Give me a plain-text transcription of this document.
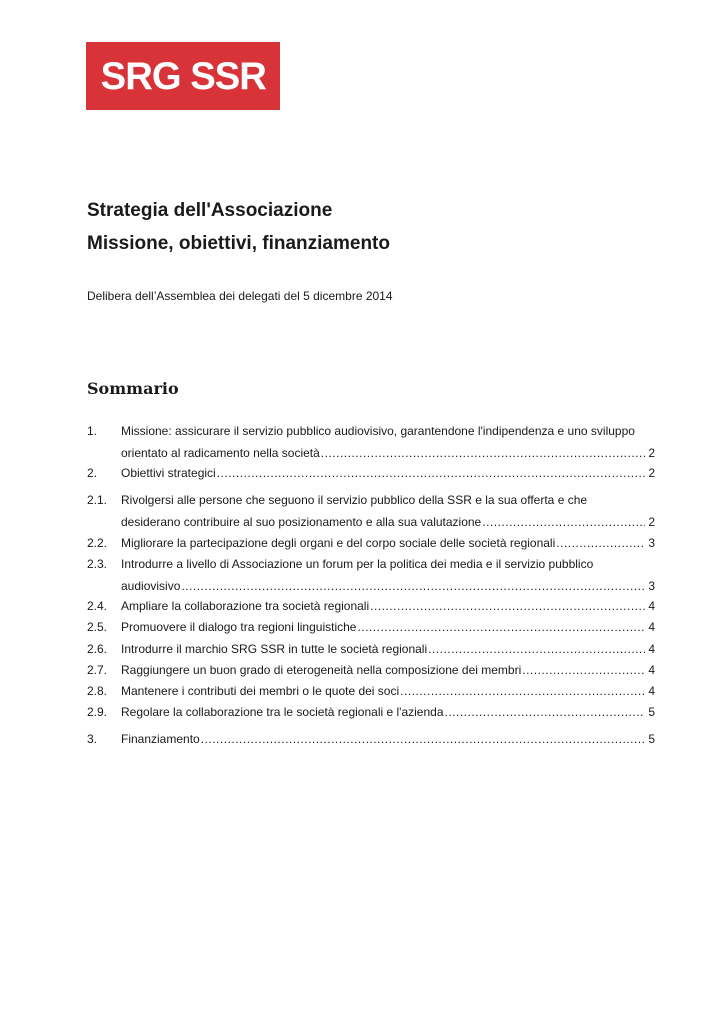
SRG SSR
Strategia dell'Associazione
Missione, obiettivi, finanziamento

Delibera dell’Assemblea dei delegati del 5 dicembre 2014

Sommario
1. Missione: assicurare il servizio pubblico audiovisivo, garantendone l'indipendenza e uno sviluppo
orientato al radicamento nella società .....	2
2. Obiettivi strategici .....	2
2.1. Rivolgersi alle persone che seguono il servizio pubblico della SSR e la sua offerta e che
desiderano contribuire al suo posizionamento e alla sua valutazione .....	2
2.2. Migliorare la partecipazione degli organi e del corpo sociale delle società regionali .....	3
2.3. Introdurre a livello di Associazione un forum per la politica dei media e il servizio pubblico
audiovisivo .....	3
2.4. Ampliare la collaborazione tra società regionali .....	4
2.5. Promuovere il dialogo tra regioni linguistiche .....	4
2.6. Introdurre il marchio SRG SSR in tutte le società regionali .....	4
2.7. Raggiungere un buon grado di eterogeneità nella composizione dei membri .....	4
2.8. Mantenere i contributi dei membri o le quote dei soci .....	4
2.9. Regolare la collaborazione tra le società regionali e l'azienda .....	5
3. Finanziamento .....	5
